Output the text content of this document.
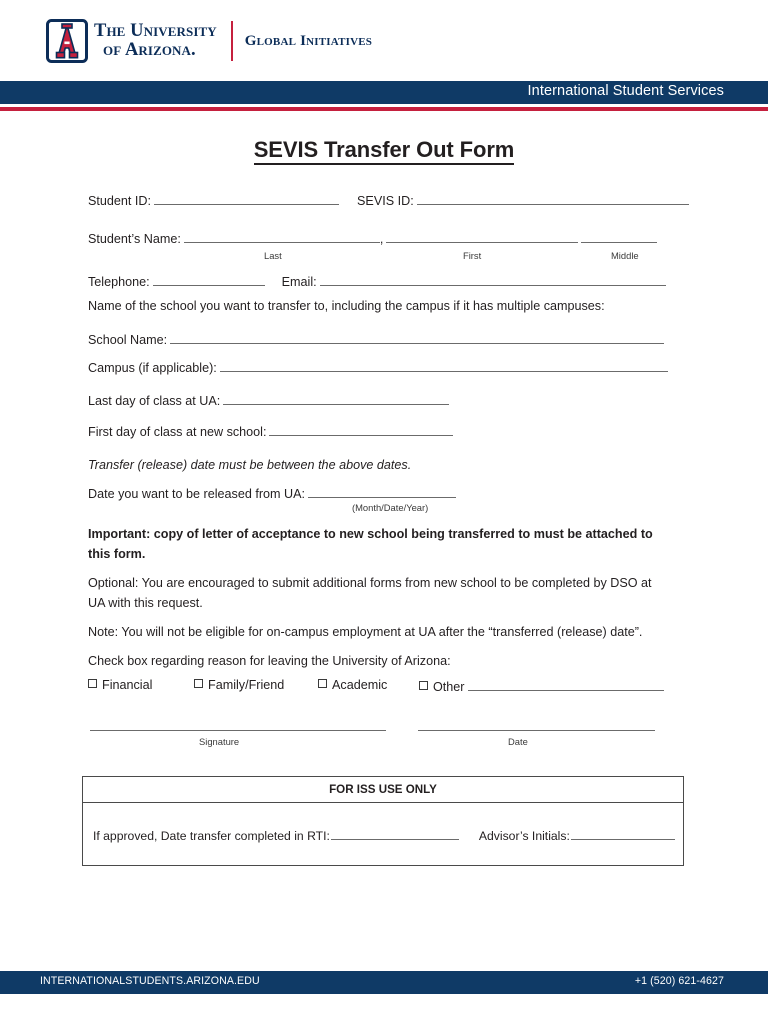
The University
of Arizona.	Global Initiatives
International Student Services
SEVIS Transfer Out Form
Student ID:	SEVIS ID:
Student’s Name:	,
Last	First	Middle
Telephone:	Email:
Name of the school you want to transfer to, including the campus if it has multiple campuses:
School Name:
Campus (if applicable):
Last day of class at UA:
First day of class at new school:
Transfer (release) date must be between the above dates.
Date you want to be released from UA:
(Month/Date/Year)
Important: copy of letter of acceptance to new school being transferred to must be attached to this form.
Optional: You are encouraged to submit additional forms from new school to be completed by DSO at UA with this request.
Note: You will not be eligible for on-campus employment at UA after the “transferred (release) date”.
Check box regarding reason for leaving the University of Arizona:
Financial	Family/Friend	Academic	Other
Signature	Date
FOR ISS USE ONLY
If approved, Date transfer completed in RTI:	Advisor’s Initials:
INTERNATIONALSTUDENTS.ARIZONA.EDU	+1 (520) 621-4627
